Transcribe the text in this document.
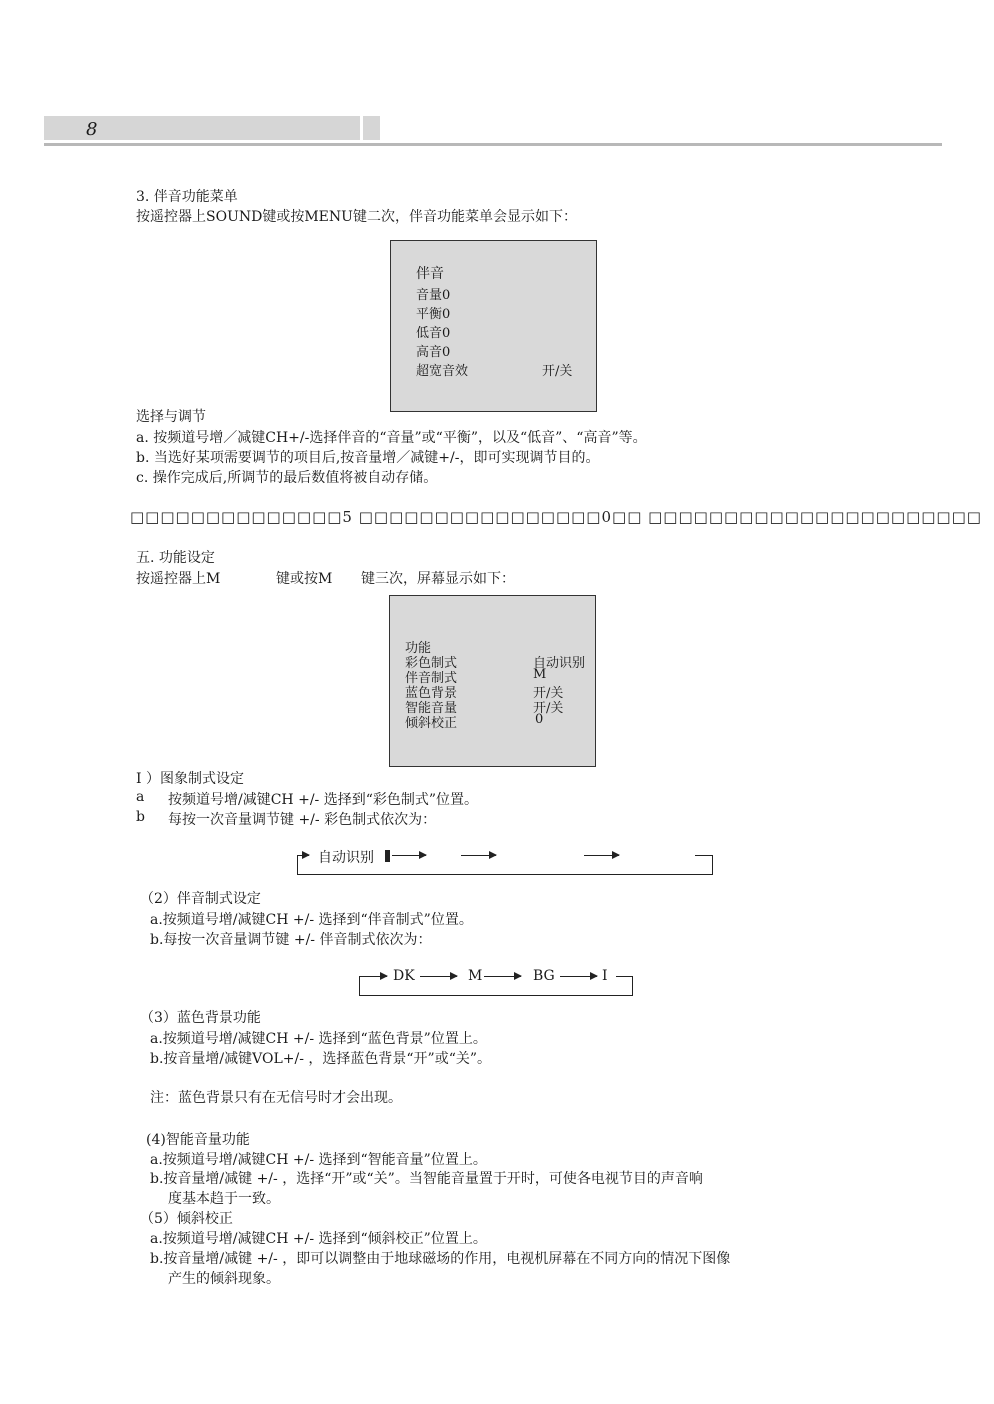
8
3. 伴音功能菜单
按遥控器上SOUND键或按MENU键二次，伴音功能菜单会显示如下：
伴音
音量0
平衡0
低音0
高音0
超宽音效	开/关
选择与调节
a. 按频道号增／减键CH+/-选择伴音的“音量”或“平衡”，以及“低音”、“高音”等。
b. 当选好某项需要调节的项目后,按音量增／减键+/-，即可实现调节目的。
c. 操作完成后,所调节的最后数值将被自动存储。
□□□□□□□□□□□□□□5 □□□□□□□□□□□□□□□□0□□ □□□□□□□□□□□□□□□□□□□□□□
五. 功能设定
按遥控器上M	键或按M 键三次，屏幕显示如下：
功能
彩色制式	自动识别
伴音制式	M
蓝色背景	开/关
智能音量	开/关
倾斜校正	0
I ）图象制式设定
a 按频道号增/减键CH +/- 选择到“彩色制式”位置。
b 每按一次音量调节键 +/- 彩色制式依次为：
自动识别
（2）伴音制式设定
a.按频道号增/减键CH +/- 选择到“伴音制式”位置。
b.每按一次音量调节键 +/- 伴音制式依次为：
DK	M	BG	I
（3）蓝色背景功能
a.按频道号增/减键CH +/- 选择到“蓝色背景”位置上。
b.按音量增/减键VOL+/- ，选择蓝色背景“开”或“关”。
注：蓝色背景只有在无信号时才会出现。
(4)智能音量功能
a.按频道号增/减键CH +/- 选择到“智能音量”位置上。
b.按音量增/减键 +/- ，选择“开”或“关”。当智能音量置于开时，可使各电视节目的声音响
度基本趋于一致。
（5）倾斜校正
a.按频道号增/减键CH +/- 选择到“倾斜校正”位置上。
b.按音量增/减键 +/- ，即可以调整由于地球磁场的作用，电视机屏幕在不同方向的情况下图像
产生的倾斜现象。
